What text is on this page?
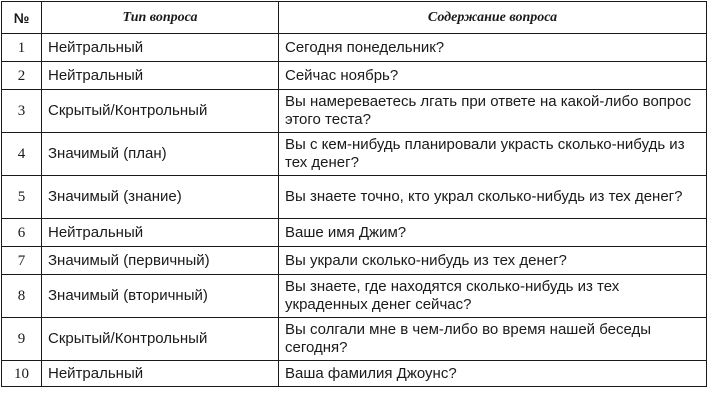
№	Тип вопроса	Содержание вопроса
1	Нейтральный	Сегодня понедельник?
2	Нейтральный	Сейчас ноябрь?
3	Скрытый/Контрольный	Вы намереваетесь лгать при ответе на какой-либо вопрос этого теста?
4	Значимый (план)	Вы с кем-нибудь планировали украсть сколько-нибудь из тех денег?
5	Значимый (знание)	Вы знаете точно, кто украл сколько-нибудь из тех денег?
6	Нейтральный	Ваше имя Джим?
7	Значимый (первичный)	Вы украли сколько-нибудь из тех денег?
8	Значимый (вторичный)	Вы знаете, где находятся сколько-нибудь из тех украденных денег сейчас?
9	Скрытый/Контрольный	Вы солгали мне в чем-либо во время нашей беседы сегодня?
10	Нейтральный	Ваша фамилия Джоунс?
